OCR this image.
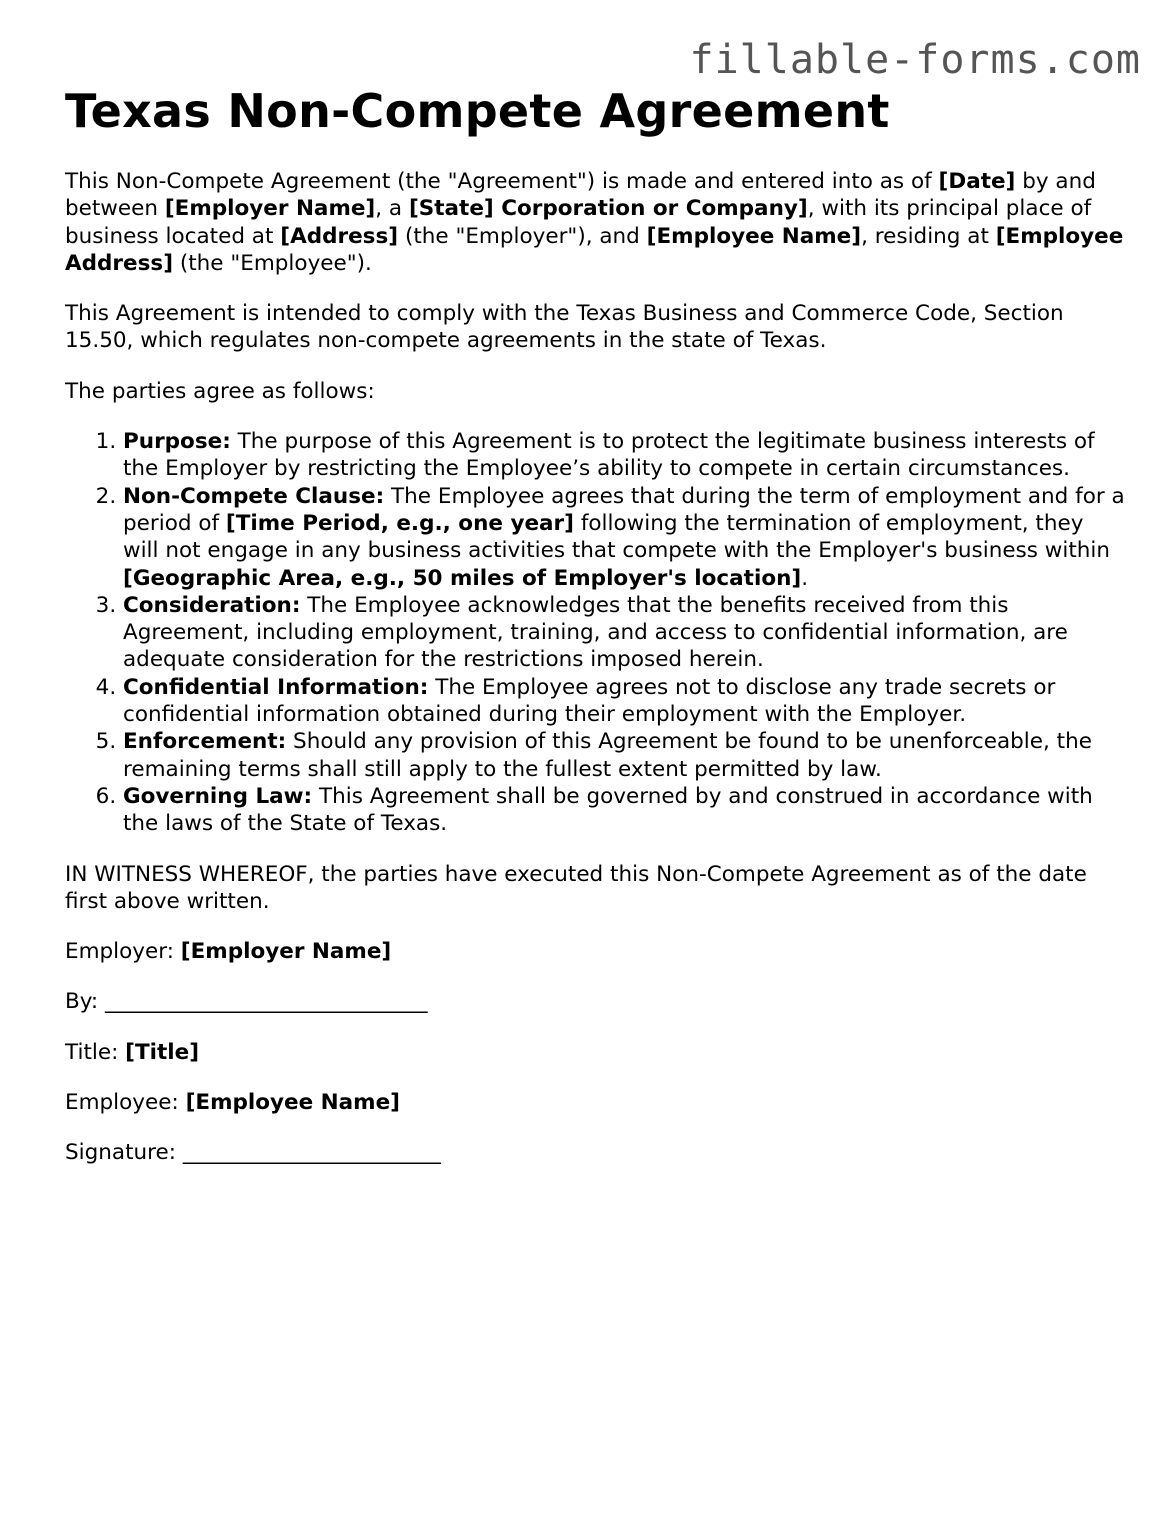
fillable-forms.com
Texas Non-Compete Agreement

This Non-Compete Agreement (the "Agreement") is made and entered into as of [Date] by and between [Employer Name], a [State] Corporation or Company], with its principal place of business located at [Address] (the "Employer"), and [Employee Name], residing at [Employee Address] (the "Employee").

This Agreement is intended to comply with the Texas Business and Commerce Code, Section 15.50, which regulates non-compete agreements in the state of Texas.

The parties agree as follows:

1. Purpose: The purpose of this Agreement is to protect the legitimate business interests of the Employer by restricting the Employee’s ability to compete in certain circumstances.
2. Non-Compete Clause: The Employee agrees that during the term of employment and for a period of [Time Period, e.g., one year] following the termination of employment, they will not engage in any business activities that compete with the Employer's business within [Geographic Area, e.g., 50 miles of Employer's location].
3. Consideration: The Employee acknowledges that the benefits received from this Agreement, including employment, training, and access to confidential information, are adequate consideration for the restrictions imposed herein.
4. Confidential Information: The Employee agrees not to disclose any trade secrets or confidential information obtained during their employment with the Employer.
5. Enforcement: Should any provision of this Agreement be found to be unenforceable, the remaining terms shall still apply to the fullest extent permitted by law.
6. Governing Law: This Agreement shall be governed by and construed in accordance with the laws of the State of Texas.

IN WITNESS WHEREOF, the parties have executed this Non-Compete Agreement as of the date first above written.

Employer: [Employer Name]

By: ______________________________

Title: [Title]

Employee: [Employee Name]

Signature: ________________________
